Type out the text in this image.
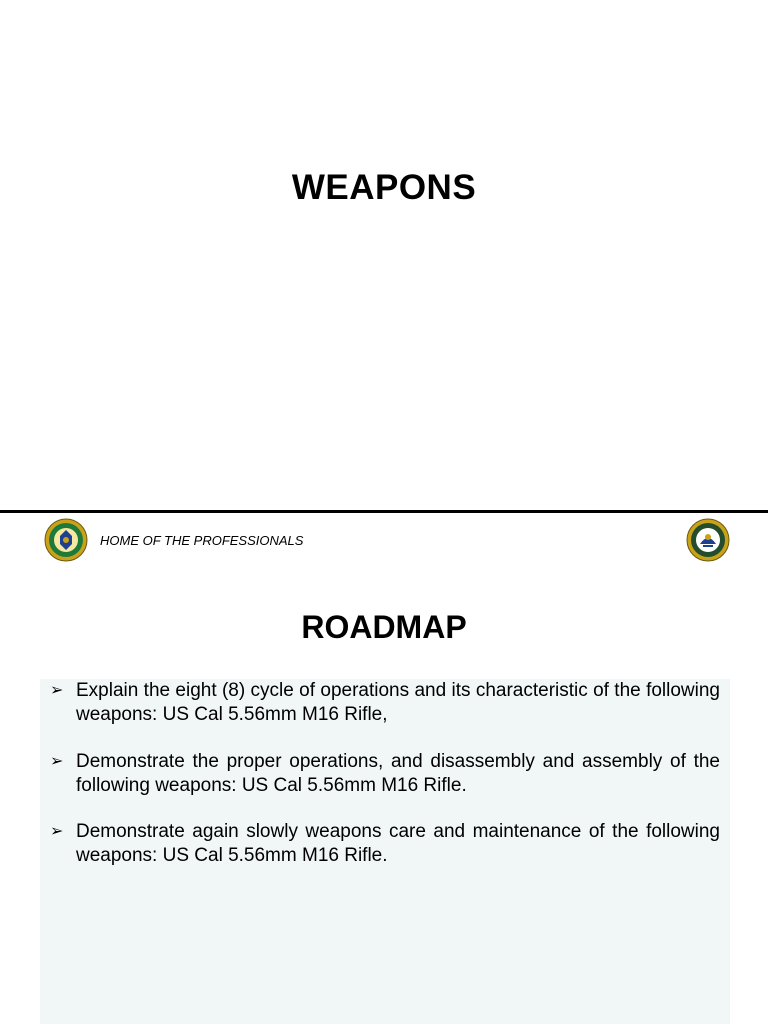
WEAPONS
HOME OF THE PROFESSIONALS
ROADMAP
➢ Explain the eight (8) cycle of operations and its characteristic of the following weapons: US Cal 5.56mm M16 Rifle,
➢ Demonstrate the proper operations, and disassembly and assembly of the following weapons: US Cal 5.56mm M16 Rifle.
➢ Demonstrate again slowly weapons care and maintenance of the following weapons: US Cal 5.56mm M16 Rifle.
